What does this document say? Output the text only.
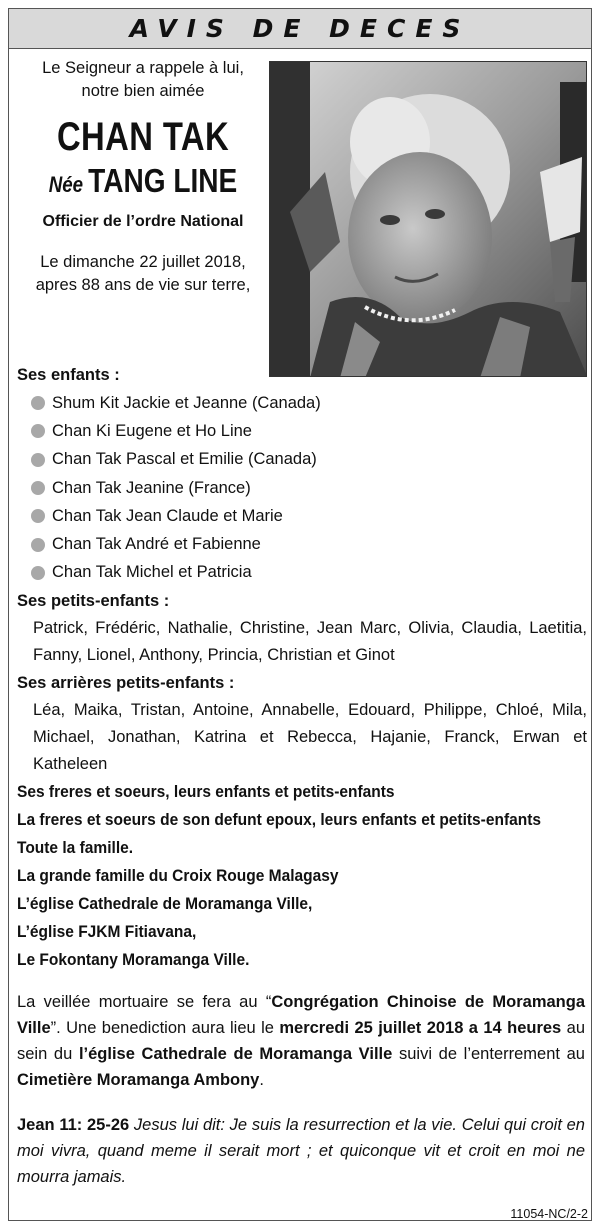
AVIS DE DECES
Le Seigneur a rappele à lui,
notre bien aimée
CHAN TAK
Née TANG LINE
Officier de l’ordre National
Le dimanche 22 juillet 2018,
apres 88 ans de vie sur terre,
Ses enfants :
Shum Kit Jackie et Jeanne (Canada)
Chan Ki Eugene et Ho Line
Chan Tak Pascal et Emilie (Canada)
Chan Tak Jeanine (France)
Chan Tak Jean Claude et Marie
Chan Tak André et Fabienne
Chan Tak Michel et Patricia
Ses petits-enfants :
Patrick, Frédéric, Nathalie, Christine, Jean Marc, Olivia, Claudia, Laetitia, Fanny, Lionel, Anthony, Princia, Christian et Ginot
Ses arrières petits-enfants :
Léa, Maika, Tristan, Antoine, Annabelle, Edouard, Philippe, Chloé, Mila, Michael, Jonathan, Katrina et Rebecca, Hajanie, Franck, Erwan et Katheleen
Ses freres et soeurs, leurs enfants et petits-enfants
La freres et soeurs de son defunt epoux, leurs enfants et petits-enfants
Toute la famille.
La grande famille du Croix Rouge Malagasy
L’église Cathedrale de Moramanga Ville,
L’église FJKM Fitiavana,
Le Fokontany Moramanga Ville.
La veillée mortuaire se fera au “Congrégation Chinoise de Moramanga Ville”. Une benediction aura lieu le mercredi 25 juillet 2018 a 14 heures au sein du l’église Cathedrale de Moramanga Ville suivi de l’enterrement au Cimetière Moramanga Ambony.
Jean 11: 25-26 Jesus lui dit: Je suis la resurrection et la vie. Celui qui croit en moi vivra, quand meme il serait mort ; et quiconque vit et croit en moi ne mourra jamais.
11054-NC/2-2
